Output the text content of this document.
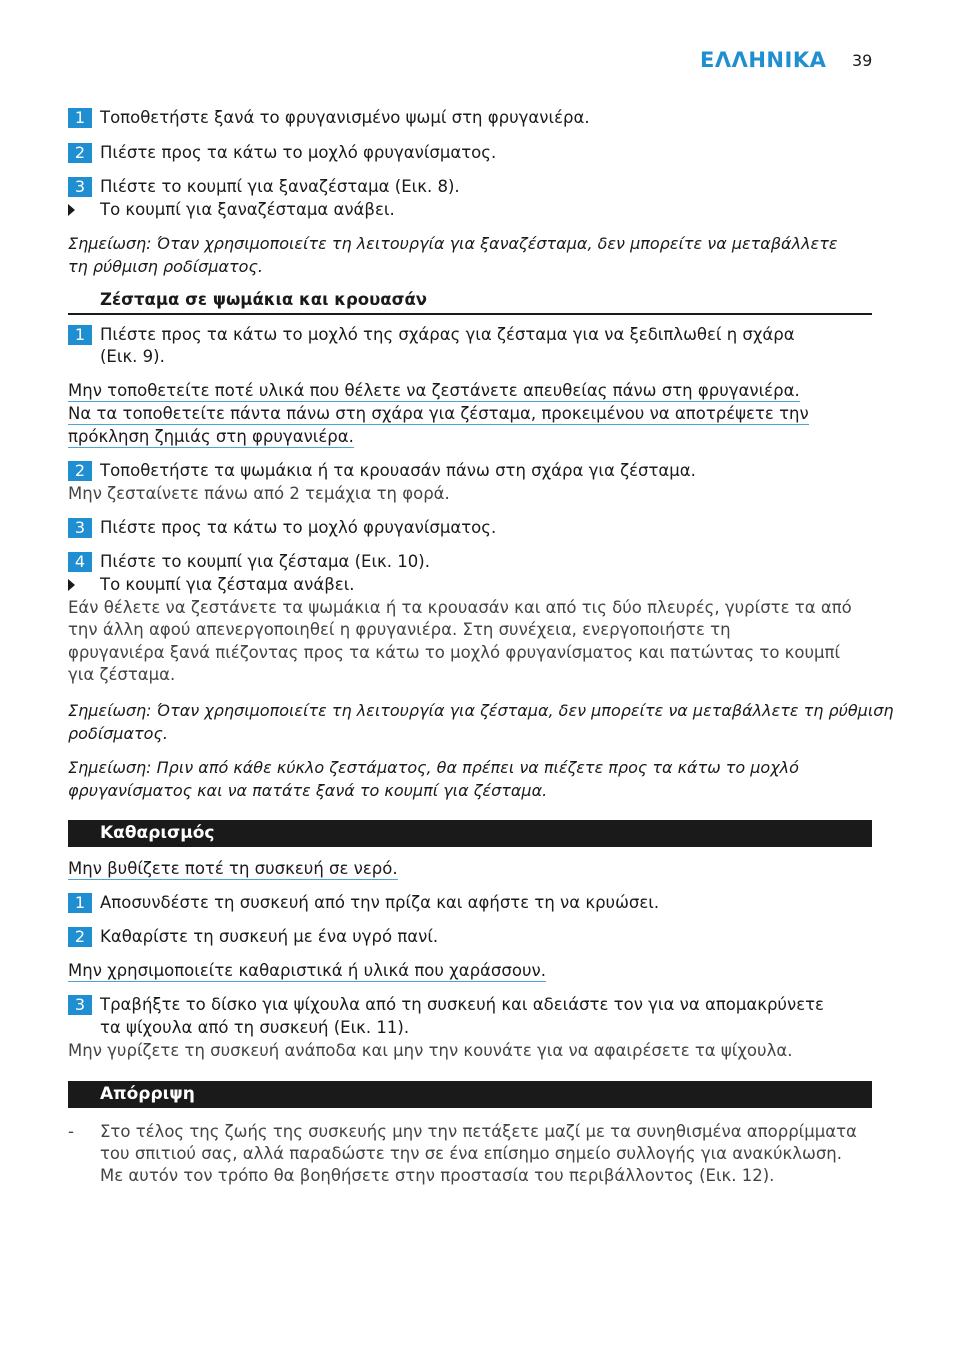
ΕΛΛΗΝΙΚΑ 39
1 Τοποθετήστε ξανά το φρυγανισμένο ψωμί στη φρυγανιέρα.
2 Πιέστε προς τα κάτω το μοχλό φρυγανίσματος.
3 Πιέστε το κουμπί για ξαναζέσταμα (Εικ. 8).
Το κουμπί για ξαναζέσταμα ανάβει.
Σημείωση: Όταν χρησιμοποιείτε τη λειτουργία για ξαναζέσταμα, δεν μπορείτε να μεταβάλλετε
τη ρύθμιση ροδίσματος.
Ζέσταμα σε ψωμάκια και κρουασάν
1 Πιέστε προς τα κάτω το μοχλό της σχάρας για ζέσταμα για να ξεδιπλωθεί η σχάρα
(Εικ. 9).
Μην τοποθετείτε ποτέ υλικά που θέλετε να ζεστάνετε απευθείας πάνω στη φρυγανιέρα.
Να τα τοποθετείτε πάντα πάνω στη σχάρα για ζέσταμα, προκειμένου να αποτρέψετε την
πρόκληση ζημιάς στη φρυγανιέρα.
2 Τοποθετήστε τα ψωμάκια ή τα κρουασάν πάνω στη σχάρα για ζέσταμα.
Μην ζεσταίνετε πάνω από 2 τεμάχια τη φορά.
3 Πιέστε προς τα κάτω το μοχλό φρυγανίσματος.
4 Πιέστε το κουμπί για ζέσταμα (Εικ. 10).
Το κουμπί για ζέσταμα ανάβει.
Εάν θέλετε να ζεστάνετε τα ψωμάκια ή τα κρουασάν και από τις δύο πλευρές, γυρίστε τα από
την άλλη αφού απενεργοποιηθεί η φρυγανιέρα. Στη συνέχεια, ενεργοποιήστε τη
φρυγανιέρα ξανά πιέζοντας προς τα κάτω το μοχλό φρυγανίσματος και πατώντας το κουμπί
για ζέσταμα.
Σημείωση: Όταν χρησιμοποιείτε τη λειτουργία για ζέσταμα, δεν μπορείτε να μεταβάλλετε τη ρύθμιση
ροδίσματος.
Σημείωση: Πριν από κάθε κύκλο ζεστάματος, θα πρέπει να πιέζετε προς τα κάτω το μοχλό
φρυγανίσματος και να πατάτε ξανά το κουμπί για ζέσταμα.
Καθαρισμός
Μην βυθίζετε ποτέ τη συσκευή σε νερό.
1 Αποσυνδέστε τη συσκευή από την πρίζα και αφήστε τη να κρυώσει.
2 Καθαρίστε τη συσκευή με ένα υγρό πανί.
Μην χρησιμοποιείτε καθαριστικά ή υλικά που χαράσσουν.
3 Τραβήξτε το δίσκο για ψίχουλα από τη συσκευή και αδειάστε τον για να απομακρύνετε
τα ψίχουλα από τη συσκευή (Εικ. 11).
Μην γυρίζετε τη συσκευή ανάποδα και μην την κουνάτε για να αφαιρέσετε τα ψίχουλα.
Απόρριψη
- Στο τέλος της ζωής της συσκευής μην την πετάξετε μαζί με τα συνηθισμένα απορρίμματα
του σπιτιού σας, αλλά παραδώστε την σε ένα επίσημο σημείο συλλογής για ανακύκλωση.
Με αυτόν τον τρόπο θα βοηθήσετε στην προστασία του περιβάλλοντος (Εικ. 12).
